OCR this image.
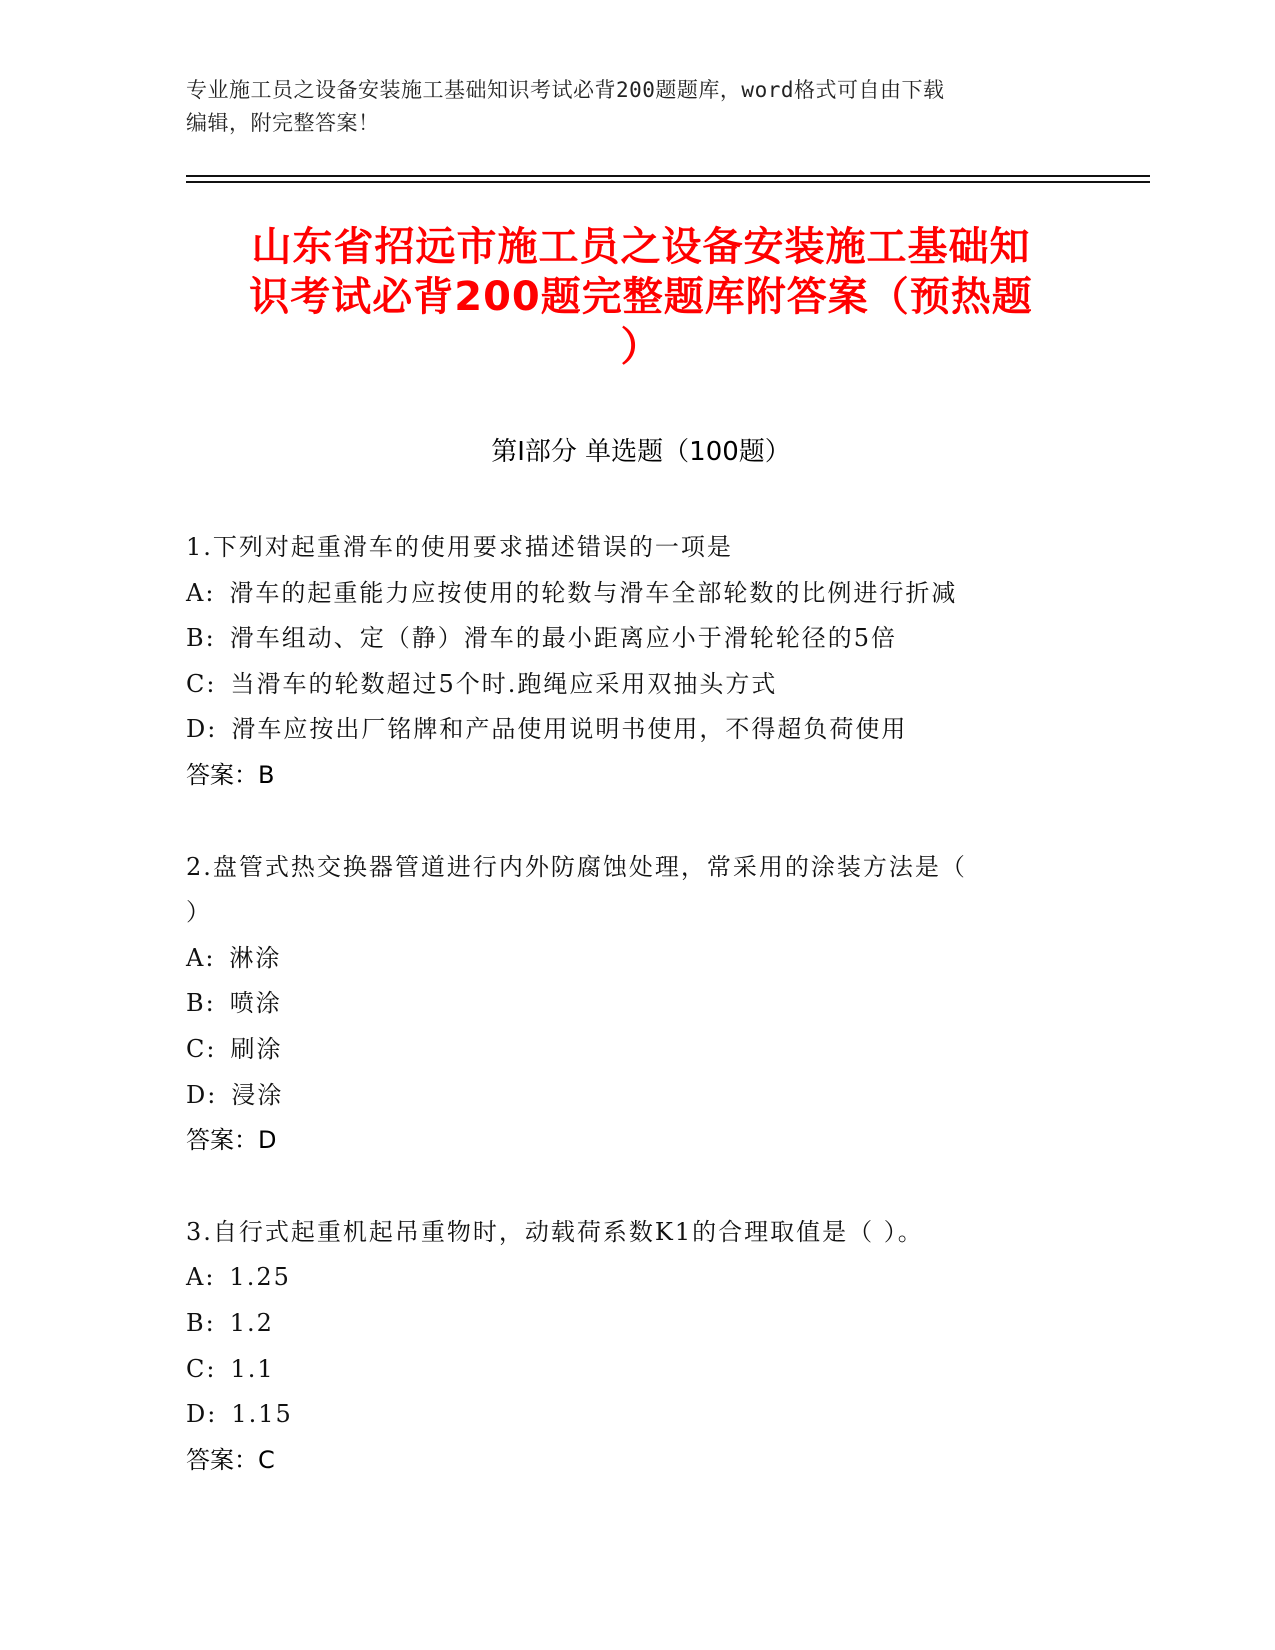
专业施工员之设备安装施工基础知识考试必背200题题库，word格式可自由下载
编辑，附完整答案！
山东省招远市施工员之设备安装施工基础知
识考试必背200题完整题库附答案（预热题
）
第I部分 单选题（100题）
1.下列对起重滑车的使用要求描述错误的一项是
A: 滑车的起重能力应按使用的轮数与滑车全部轮数的比例进行折减
B: 滑车组动、定（静）滑车的最小距离应小于滑轮轮径的5倍
C: 当滑车的轮数超过5个时.跑绳应采用双抽头方式
D: 滑车应按出厂铭牌和产品使用说明书使用，不得超负荷使用
答案：B
2.盘管式热交换器管道进行内外防腐蚀处理，常采用的涂装方法是（
）
A: 淋涂
B: 喷涂
C: 刷涂
D: 浸涂
答案：D
3.自行式起重机起吊重物时，动载荷系数K1的合理取值是（ ）。
A: 1.25
B: 1.2
C: 1.1
D: 1.15
答案：C
